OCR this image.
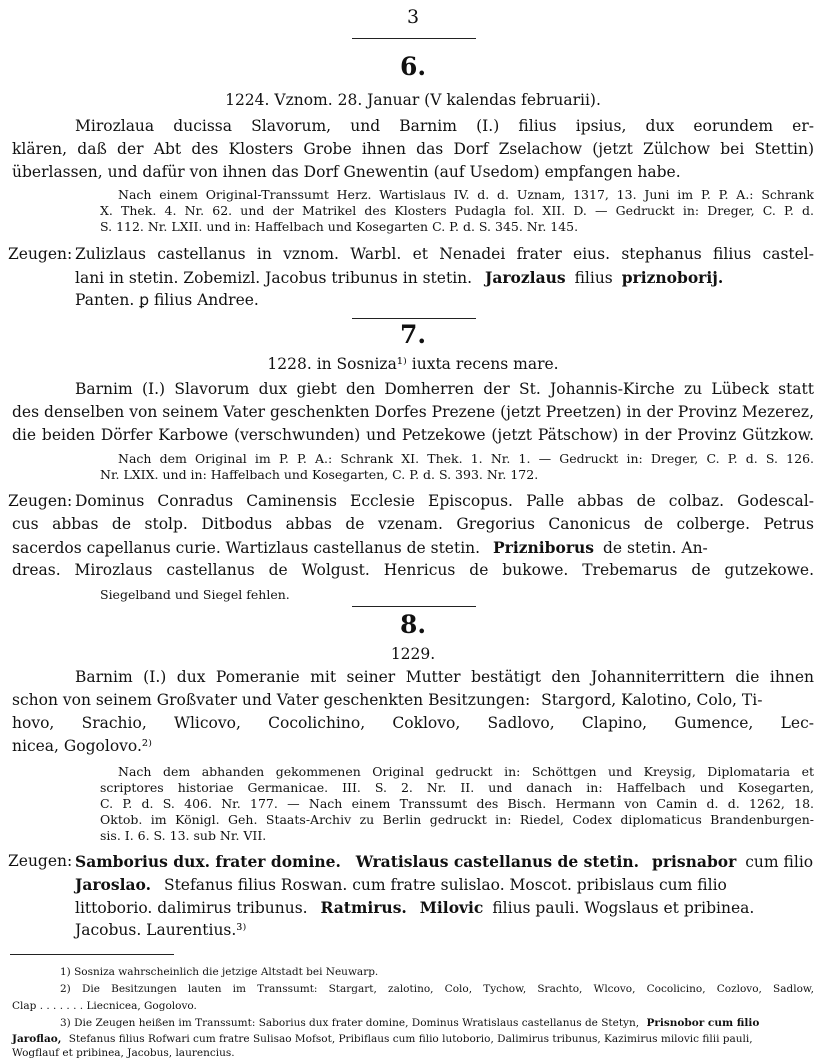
3
6.
1224. Vznom. 28. Januar (V kalendas februarii).
Mirozlaua ducissa Slavorum, und Barnim (I.) filius ipsius, dux eorundem er-
klären, daß der Abt des Klosters Grobe ihnen das Dorf Zselachow (jetzt Zülchow bei Stettin)
überlassen, und dafür von ihnen das Dorf Gnewentin (auf Usedom) empfangen habe.
Nach einem Original-Transsumt Herz. Wartislaus IV. d. d. Uznam, 1317, 13. Juni im P. P. A.: Schrank
X. Thek. 4. Nr. 62. und der Matrikel des Klosters Pudagla fol. XII. D. — Gedruckt in: Dreger, C. P. d.
S. 112. Nr. LXII. und in: Haffelbach und Kosegarten C. P. d. S. 345. Nr. 145.
Zeugen: Zulizlaus castellanus in vznom. Warbl. et Nenadei frater eius. stephanus filius castel-
lani in stetin. Zobemizl. Jacobus tribunus in stetin. Jarozlaus filius priznoborij.
Panten. ꝑ filius Andree.
7.
1228. in Sosniza¹⁾ iuxta recens mare.
Barnim (I.) Slavorum dux giebt den Domherren der St. Johannis-Kirche zu Lübeck statt
des denselben von seinem Vater geschenkten Dorfes Prezene (jetzt Preetzen) in der Provinz Mezerez,
die beiden Dörfer Karbowe (verschwunden) und Petzekowe (jetzt Pätschow) in der Provinz Gützkow.
Nach dem Original im P. P. A.: Schrank XI. Thek. 1. Nr. 1. — Gedruckt in: Dreger, C. P. d. S. 126.
Nr. LXIX. und in: Haffelbach und Kosegarten, C. P. d. S. 393. Nr. 172.
Zeugen: Dominus Conradus Caminensis Ecclesie Episcopus. Palle abbas de colbaz. Godescal-
cus abbas de stolp. Ditbodus abbas de vzenam. Gregorius Canonicus de colberge. Petrus
sacerdos capellanus curie. Wartizlaus castellanus de stetin. Prizniborus de stetin. An-
dreas. Mirozlaus castellanus de Wolgust. Henricus de bukowe. Trebemarus de gutzekowe.
Siegelband und Siegel fehlen.
8.
1229.
Barnim (I.) dux Pomeranie mit seiner Mutter bestätigt den Johanniterrittern die ihnen
schon von seinem Großvater und Vater geschenkten Besitzungen: Stargord, Kalotino, Colo, Ti-
hovo, Srachio, Wlicovo, Cocolichino, Coklovo, Sadlovo, Clapino, Gumence, Lec-
nicea, Gogolovo.²⁾
Nach dem abhanden gekommenen Original gedruckt in: Schöttgen und Kreysig, Diplomataria et
scriptores historiae Germanicae. III. S. 2. Nr. II. und danach in: Haffelbach und Kosegarten,
C. P. d. S. 406. Nr. 177. — Nach einem Transsumt des Bisch. Hermann von Camin d. d. 1262, 18.
Oktob. im Königl. Geh. Staats-Archiv zu Berlin gedruckt in: Riedel, Codex diplomaticus Brandenburgen-
sis. I. 6. S. 13. sub Nr. VII.
Zeugen: Samborius dux. frater domine. Wratislaus castellanus de stetin. prisnabor cum filio
Jaroslao. Stefanus filius Roswan. cum fratre sulislao. Moscot. pribislaus cum filio
littoborio. dalimirus tribunus. Ratmirus. Milovic filius pauli. Wogslaus et pribinea.
Jacobus. Laurentius.³⁾
1) Sosniza wahrscheinlich die jetzige Altstadt bei Neuwarp.
2) Die Besitzungen lauten im Transsumt: Stargart, zalotino, Colo, Tychow, Srachto, Wlcovo, Cocolicino, Cozlovo, Sadlow,
Clap . . . . . . . Liecnicea, Gogolovo.
3) Die Zeugen heißen im Transsumt: Saborius dux frater domine, Dominus Wratislaus castellanus de Stetyn, Prisnobor cum filio
Jaroflao, Stefanus filius Rofwari cum fratre Sulisao Mofsot, Pribiflaus cum filio lutoborio, Dalimirus tribunus, Kazimirus milovic filii pauli,
Wogflauf et pribinea, Jacobus, laurencius.
